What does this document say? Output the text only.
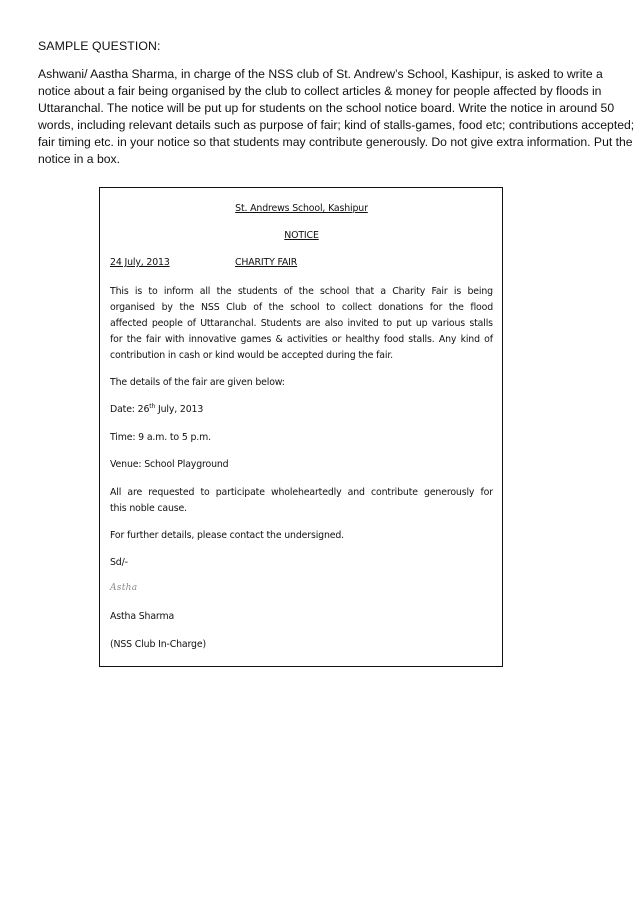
SAMPLE QUESTION:

Ashwani/ Aastha Sharma, in charge of the NSS club of St. Andrew’s School, Kashipur, is asked to write a

notice about a fair being organised by the club to collect articles & money for people affected by floods in

Uttaranchal. The notice will be put up for students on the school notice board. Write the notice in around 50

words, including relevant details such as purpose of fair; kind of stalls-games, food etc; contributions accepted;

fair timing etc. in your notice so that students may contribute generously. Do not give extra information. Put the

notice in a box.

St. Andrews School, Kashipur
NOTICE
24 July, 2013	CHARITY FAIR

This is to inform all the students of the school that a Charity Fair is being

organised by the NSS Club of the school to collect donations for the flood

affected people of Uttaranchal. Students are also invited to put up various stalls

for the fair with innovative games & activities or healthy food stalls. Any kind of

contribution in cash or kind would be accepted during the fair.

The details of the fair are given below:
Date: 26th July, 2013
Time: 9 a.m. to 5 p.m.
Venue: School Playground

All are requested to participate wholeheartedly and contribute generously for

this noble cause.

For further details, please contact the undersigned.
Sd/-
Astha
Astha Sharma
(NSS Club In-Charge)
